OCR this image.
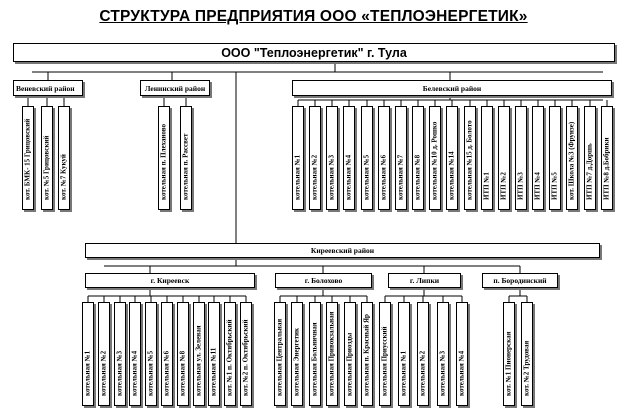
СТРУКТУРА ПРЕДПРИЯТИЯ ООО «ТЕПЛОЭНЕРГЕТИК»
ООО "Теплоэнергетик" г. Тула
Веневский район	Ленинский район	Белевский район
Киреевский район
г. Киреевск	г. Болохово	г. Липки	п. Бородинский
кот. БМК- 15 Грицовский кот. №5 Грицовский кот. №7 Кукуй	котельная п. Плехановo котельная п. Рассвет	котельная №1 котельная №2 котельная №3 котельная №4 котельная №5 котельная №6 котельная №7 котельная №8 котельная №10 д. Рошко котельная №14 котельная №15 д. Болото ИТП №1 ИТП №2 ИТП №3 ИТП №4 ИТП №5 кот. Школа №3 (Фрунзе) ИТП №7 д.Доршь ИТП №8 д.Бобрики
котельная №1 котельная №2 котельная №3 котельная №4 котельная №5 котельная №6 котельная №8 котельная ул. Зеленая котельная №11 кот. №1 п. Октябрьский кот. №2 п. Октябрьский	котельная Центральная котельная Энергетик котельная Больничная котельная Привокзальная котельная Приозды котельная п. Красный Яр котельная Приусский котельная №1 котельная №2 котельная №3 котельная №4	кот. №1 Пионерская кот. №2 Трудовая
